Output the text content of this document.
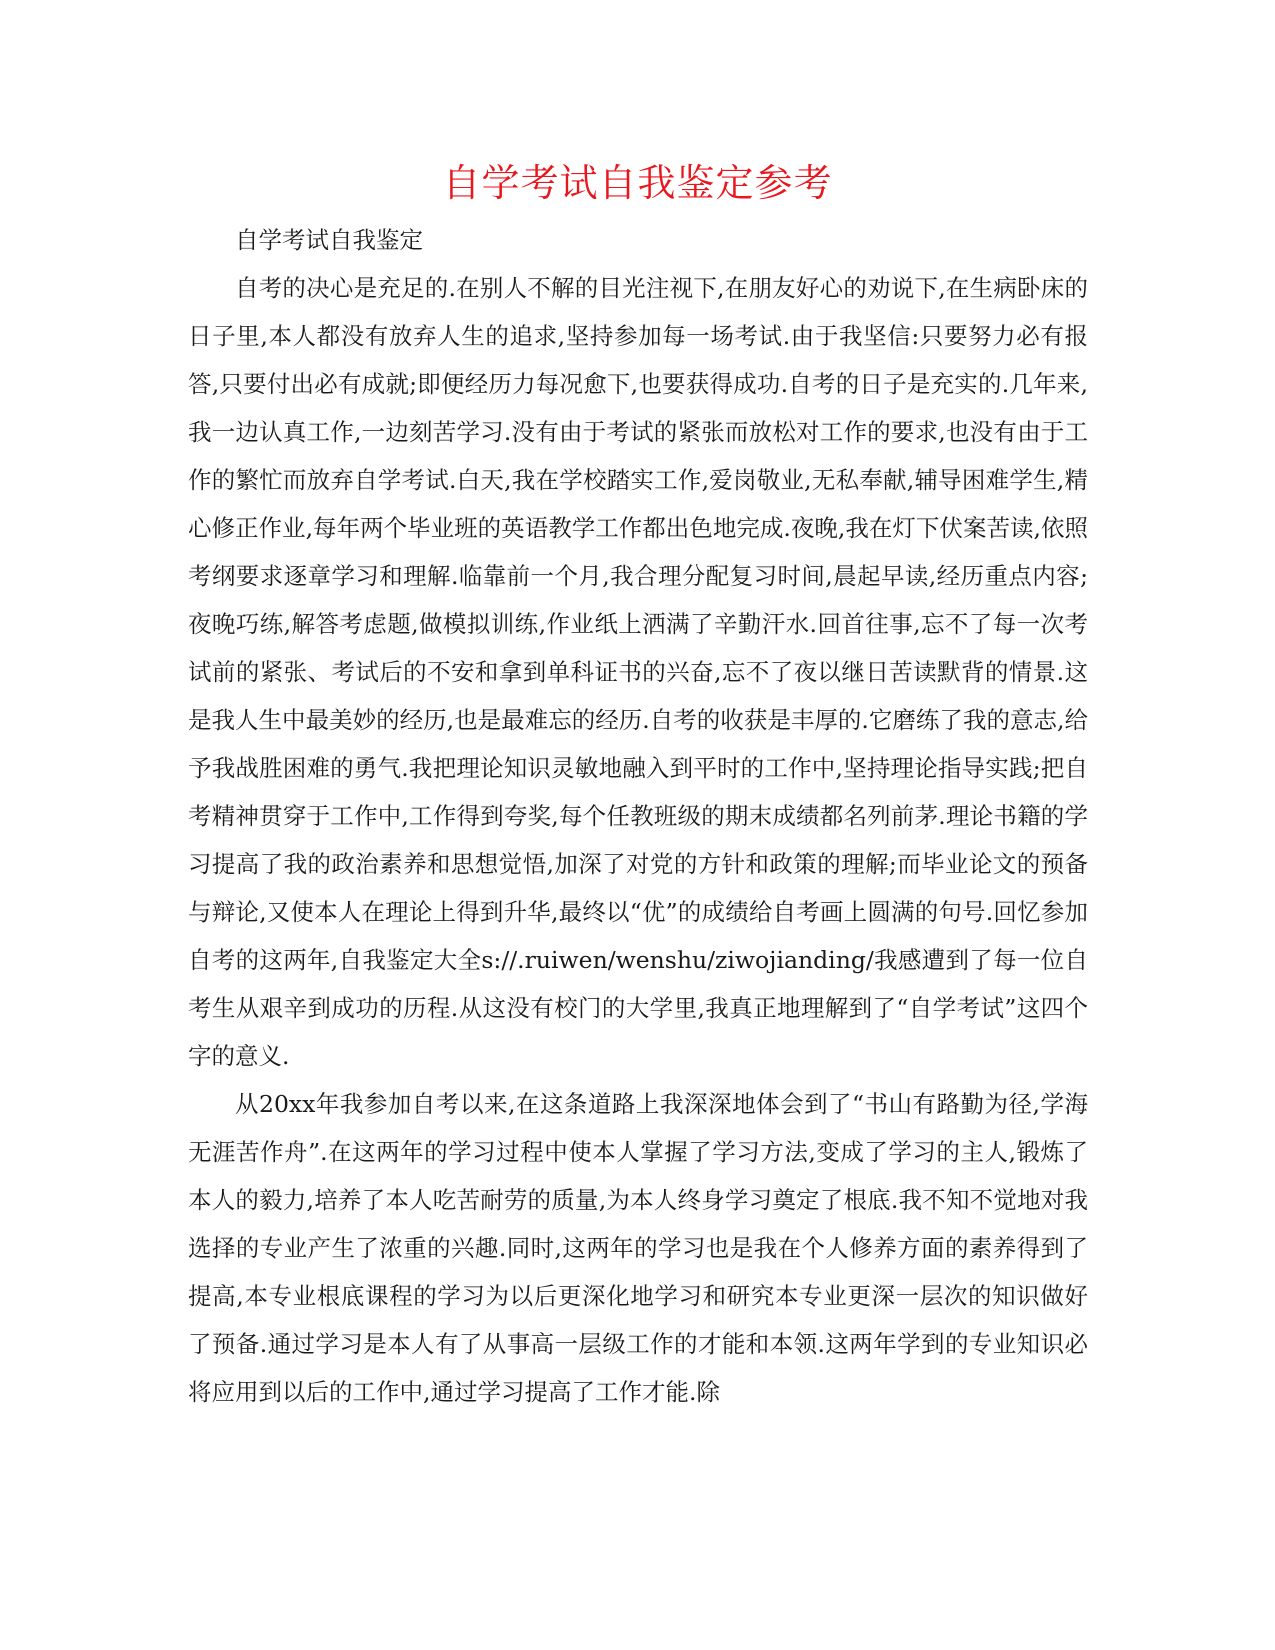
自学考试自我鉴定参考

自学考试自我鉴定

自考的决心是充足的.在别人不解的目光注视下,在朋友好心的劝说下,在生病卧床的日子里,本人都没有放弃人生的追求,坚持参加每一场考试.由于我坚信:只要努力必有报答,只要付出必有成就;即便经历力每况愈下,也要获得成功.自考的日子是充实的.几年来,我一边认真工作,一边刻苦学习.没有由于考试的紧张而放松对工作的要求,也没有由于工作的繁忙而放弃自学考试.白天,我在学校踏实工作,爱岗敬业,无私奉献,辅导困难学生,精心修正作业,每年两个毕业班的英语教学工作都出色地完成.夜晚,我在灯下伏案苦读,依照考纲要求逐章学习和理解.临靠前一个月,我合理分配复习时间,晨起早读,经历重点内容;夜晚巧练,解答考虑题,做模拟训练,作业纸上洒满了辛勤汗水.回首往事,忘不了每一次考试前的紧张、考试后的不安和拿到单科证书的兴奋,忘不了夜以继日苦读默背的情景.这是我人生中最美妙的经历,也是最难忘的经历.自考的收获是丰厚的.它磨练了我的意志,给予我战胜困难的勇气.我把理论知识灵敏地融入到平时的工作中,坚持理论指导实践;把自考精神贯穿于工作中,工作得到夸奖,每个任教班级的期末成绩都名列前茅.理论书籍的学习提高了我的政治素养和思想觉悟,加深了对党的方针和政策的理解;而毕业论文的预备与辩论,又使本人在理论上得到升华,最终以“优”的成绩给自考画上圆满的句号.回忆参加自考的这两年,自我鉴定大全s://.ruiwen/wenshu/ziwojianding/我感遭到了每一位自考生从艰辛到成功的历程.从这没有校门的大学里,我真正地理解到了“自学考试”这四个字的意义.

从20xx年我参加自考以来,在这条道路上我深深地体会到了“书山有路勤为径,学海无涯苦作舟”.在这两年的学习过程中使本人掌握了学习方法,变成了学习的主人,锻炼了本人的毅力,培养了本人吃苦耐劳的质量,为本人终身学习奠定了根底.我不知不觉地对我选择的专业产生了浓重的兴趣.同时,这两年的学习也是我在个人修养方面的素养得到了提高,本专业根底课程的学习为以后更深化地学习和研究本专业更深一层次的知识做好了预备.通过学习是本人有了从事高一层级工作的才能和本领.这两年学到的专业知识必将应用到以后的工作中,通过学习提高了工作才能.除
